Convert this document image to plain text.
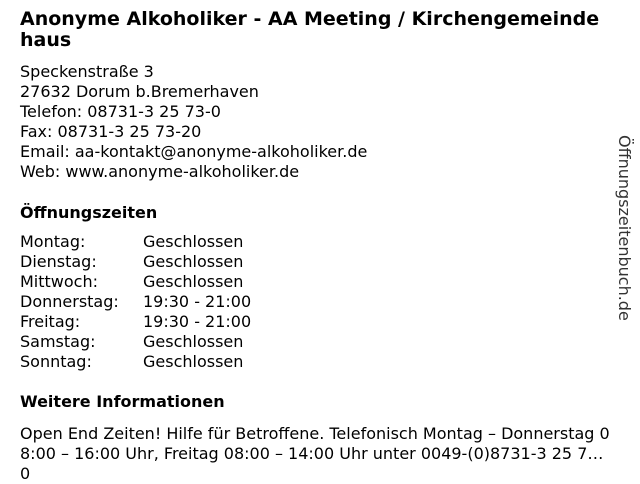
Anonyme Alkoholiker - AA Meeting / Kirchengemeindehaus
Speckenstraße 3
27632 Dorum b.Bremerhaven
Telefon: 08731-3 25 73-0
Fax: 08731-3 25 73-20
Email: aa-kontakt@anonyme-alkoholiker.de
Web: www.anonyme-alkoholiker.de
Öffnungszeiten
Montag:	Geschlossen
Dienstag:	Geschlossen
Mittwoch:	Geschlossen
Donnerstag:	19:30 - 21:00
Freitag:	19:30 - 21:00
Samstag:	Geschlossen
Sonntag:	Geschlossen
Weitere Informationen
Open End Zeiten! Hilfe für Betroffene. Telefonisch Montag – Donnerstag 08:00 – 16:00 Uhr, Freitag 08:00 – 14:00 Uhr unter 0049-(0)8731-3 25 73-0
Öffnungszeitenbuch.de
